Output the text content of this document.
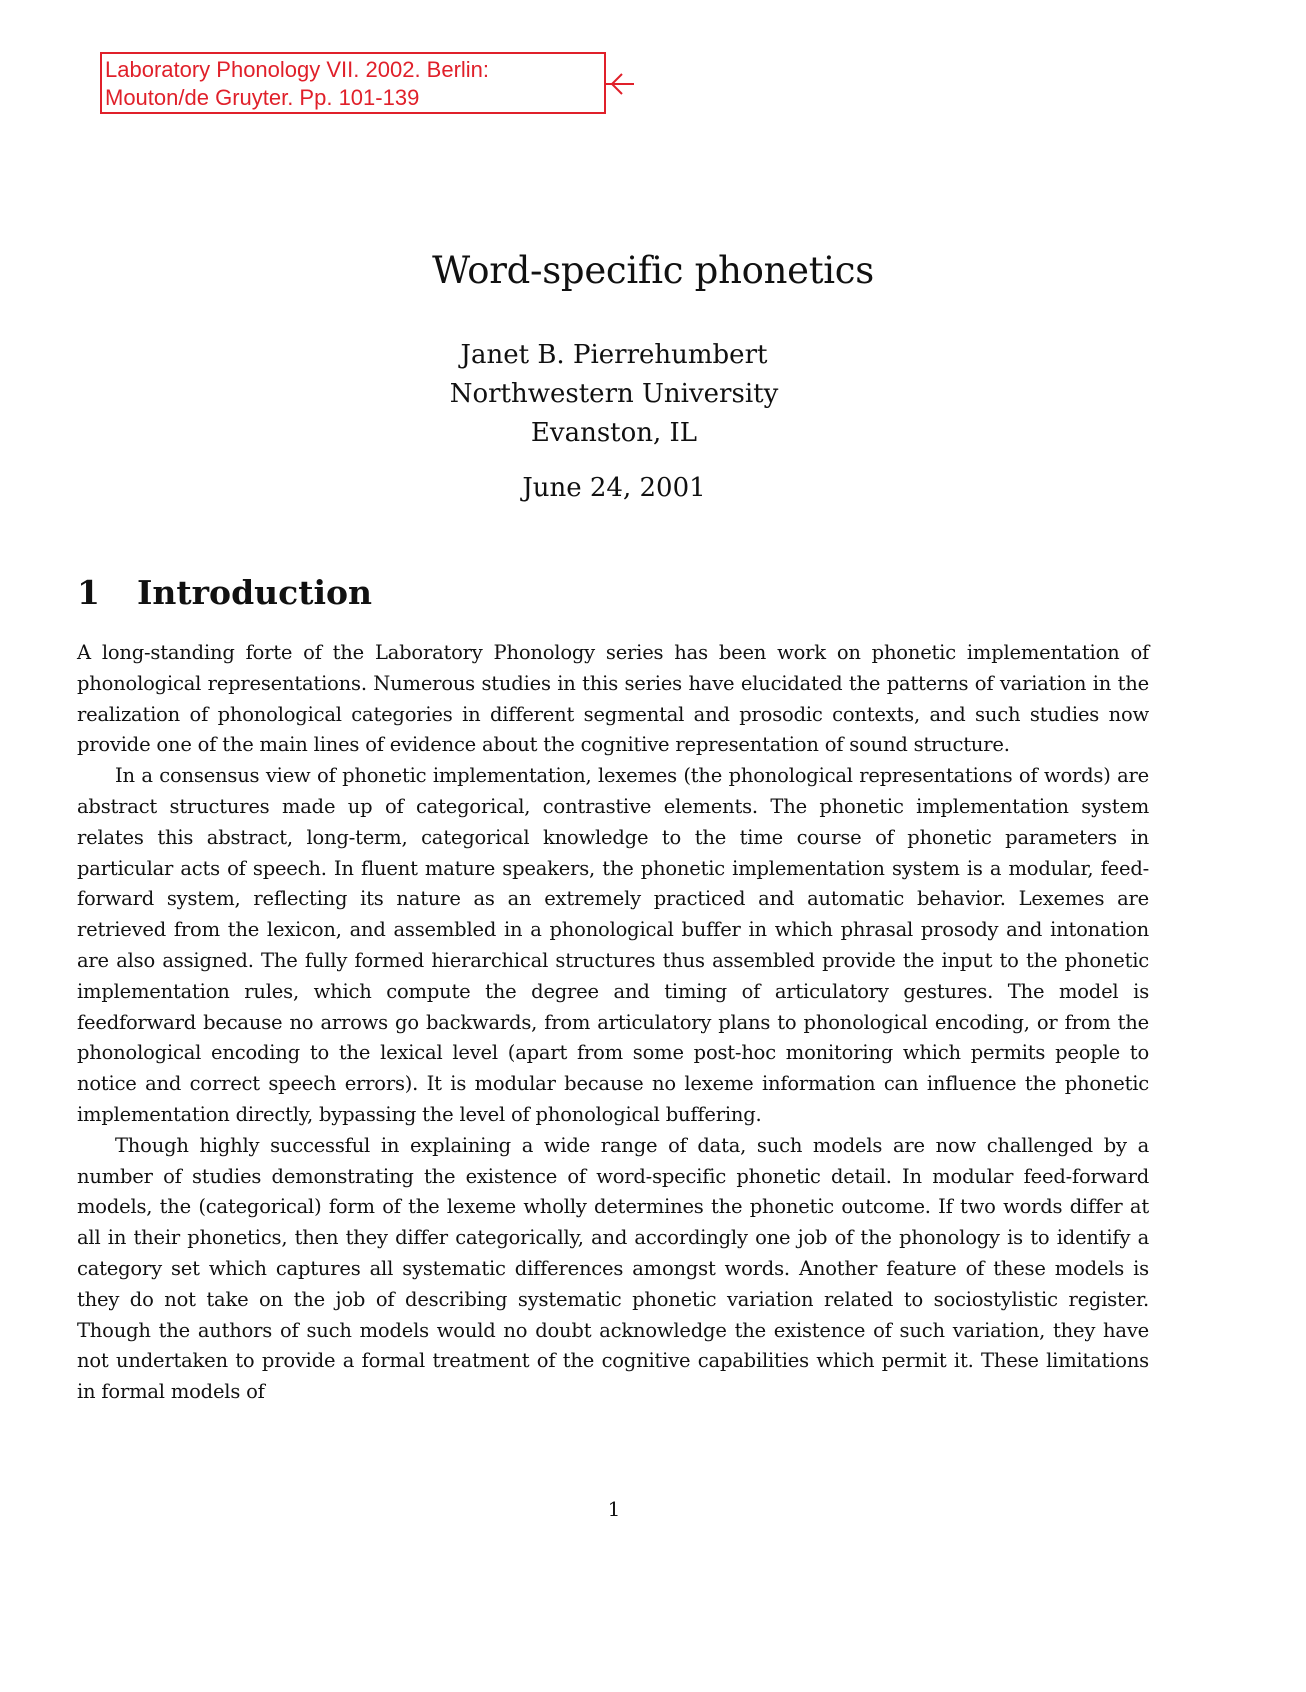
Laboratory Phonology VII. 2002. Berlin:
Mouton/de Gruyter. Pp. 101-139
Word-specific phonetics
Janet B. Pierrehumbert
Northwestern University
Evanston, IL
June 24, 2001
1 Introduction

A long-standing forte of the Laboratory Phonology series has been work on phonetic implementation of phonological representations. Numerous studies in this series have elucidated the patterns of variation in the realization of phonological categories in different segmental and prosodic contexts, and such studies now provide one of the main lines of evidence about the cognitive representation of sound structure.

In a consensus view of phonetic implementation, lexemes (the phonological representations of words) are abstract structures made up of categorical, contrastive elements. The phonetic implementation system relates this abstract, long-term, categorical knowledge to the time course of phonetic parameters in particular acts of speech. In fluent mature speakers, the phonetic implementation system is a modular, feed-forward system, reflecting its nature as an extremely practiced and automatic behavior. Lexemes are retrieved from the lexicon, and assembled in a phonological buffer in which phrasal prosody and intonation are also assigned. The fully formed hierarchical structures thus assembled provide the input to the phonetic implementation rules, which compute the degree and timing of articulatory gestures. The model is feedforward because no arrows go backwards, from articulatory plans to phonological encoding, or from the phonological encoding to the lexical level (apart from some post-hoc monitoring which permits people to notice and correct speech errors). It is modular because no lexeme information can influence the phonetic implementation directly, bypassing the level of phonological buffering.

Though highly successful in explaining a wide range of data, such models are now challenged by a number of studies demonstrating the existence of word-specific phonetic detail. In modular feed-forward models, the (categorical) form of the lexeme wholly determines the phonetic outcome. If two words differ at all in their phonetics, then they differ categorically, and accordingly one job of the phonology is to identify a category set which captures all systematic differences amongst words. Another feature of these models is they do not take on the job of describing systematic phonetic variation related to sociostylistic register. Though the authors of such models would no doubt acknowledge the existence of such variation, they have not undertaken to provide a formal treatment of the cognitive capabilities which permit it. These limitations in formal models of

1
